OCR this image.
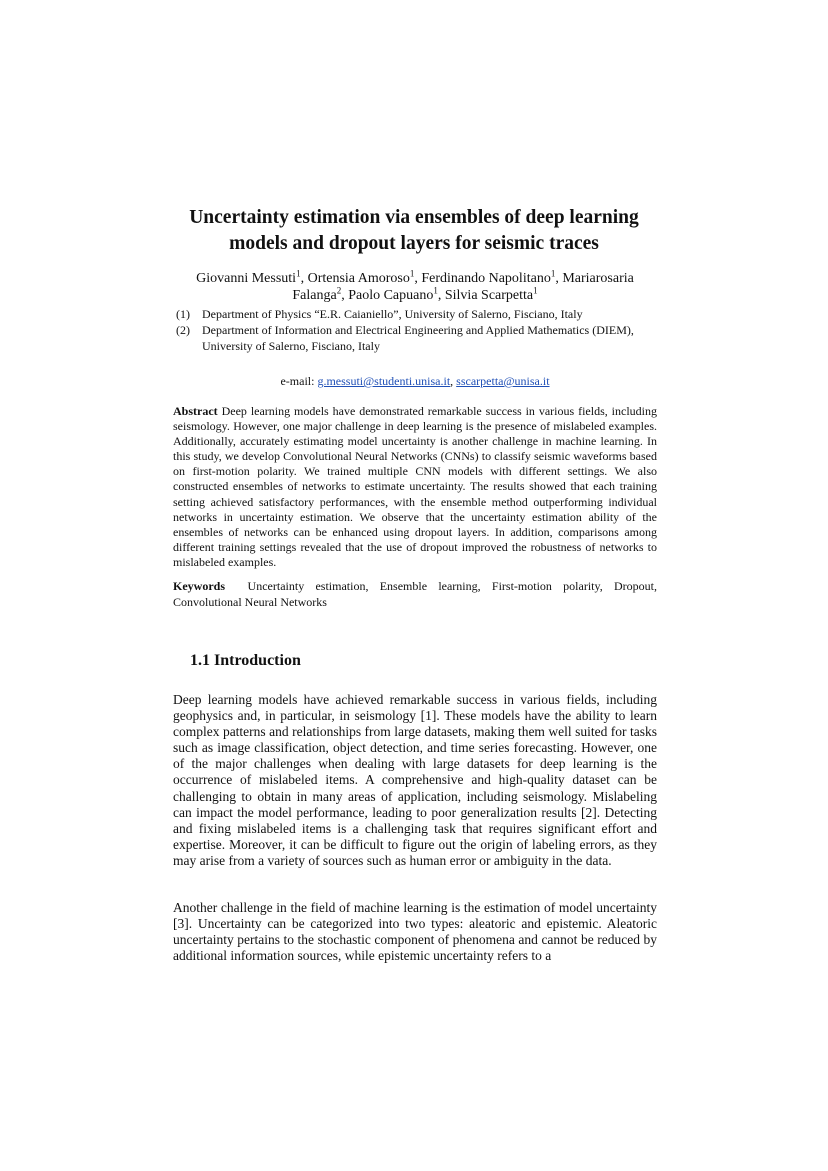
Uncertainty estimation via ensembles of deep learning
models and dropout layers for seismic traces
Giovanni Messuti$^1$, Ortensia Amoroso$^1$, Ferdinando Napolitano$^1$, Mariarosaria Falanga$^2$, Paolo Capuano$^1$, Silvia Scarpetta$^1$
(1)	Department of Physics “E.R. Caianiello”, University of Salerno, Fisciano, Italy
(2)	Department of Information and Electrical Engineering and Applied Mathematics (DIEM), University of Salerno, Fisciano, Italy
e-mail: g.messuti@studenti.unisa.it, sscarpetta@unisa.it
Abstract Deep learning models have demonstrated remarkable success in various fields, including seismology. However, one major challenge in deep learning is the presence of mislabeled examples. Additionally, accurately estimating model uncertainty is another challenge in machine learning. In this study, we develop Convolutional Neural Networks (CNNs) to classify seismic waveforms based on first-motion polarity. We trained multiple CNN models with different settings. We also constructed ensembles of networks to estimate uncertainty. The results showed that each training setting achieved satisfactory performances, with the ensemble method outperforming individual networks in uncertainty estimation. We observe that the uncertainty estimation ability of the ensembles of networks can be enhanced using dropout layers. In addition, comparisons among different training settings revealed that the use of dropout improved the robustness of networks to mislabeled examples.
Keywords Uncertainty estimation, Ensemble learning, First-motion polarity, Dropout, Convolutional Neural Networks
1.1 Introduction
Deep learning models have achieved remarkable success in various fields, including geophysics and, in particular, in seismology [1]. These models have the ability to learn complex patterns and relationships from large datasets, making them well suited for tasks such as image classification, object detection, and time series forecasting. However, one of the major challenges when dealing with large datasets for deep learning is the occurrence of mislabeled items. A comprehensive and high-quality dataset can be challenging to obtain in many areas of application, including seismology. Mislabeling can impact the model performance, leading to poor generalization results [2]. Detecting and fixing mislabeled items is a challenging task that requires significant effort and expertise. Moreover, it can be difficult to figure out the origin of labeling errors, as they may arise from a variety of sources such as human error or ambiguity in the data.
Another challenge in the field of machine learning is the estimation of model uncertainty [3]. Uncertainty can be categorized into two types: aleatoric and epistemic. Aleatoric uncertainty pertains to the stochastic component of phenomena and cannot be reduced by additional information sources, while epistemic uncertainty refers to a
